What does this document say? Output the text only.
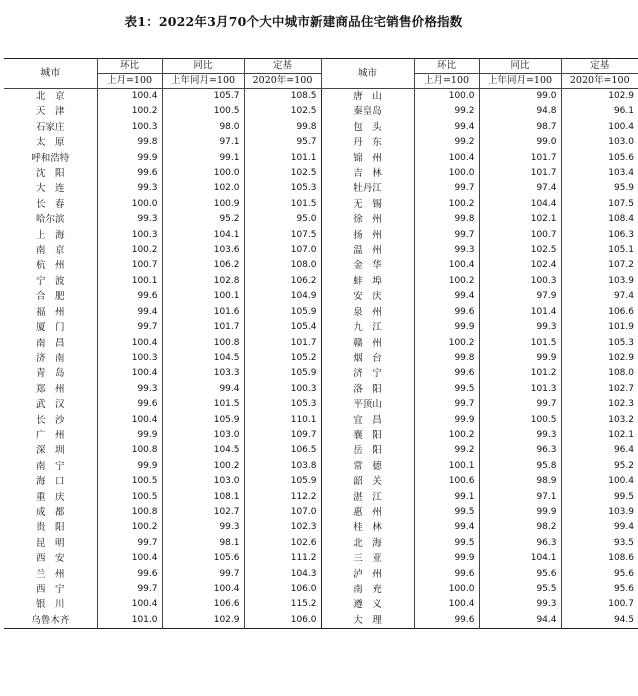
表1：2022年3月70个大中城市新建商品住宅销售价格指数
城市	环比	同比	定基	城市	环比	同比	定基
	上月=100	上年同月=100	2020年=100		上月=100	上年同月=100	2020年=100
北　京	100.4	105.7	108.5	唐　山	100.0	99.0	102.9
天　津	100.2	100.5	102.5	秦皇岛	99.2	94.8	96.1
石家庄	100.3	98.0	99.8	包　头	99.4	98.7	100.4
太　原	99.8	97.1	95.7	丹　东	99.2	99.0	103.0
呼和浩特	99.9	99.1	101.1	锦　州	100.4	101.7	105.6
沈　阳	99.6	100.0	102.5	吉　林	100.0	101.7	103.4
大　连	99.3	102.0	105.3	牡丹江	99.7	97.4	95.9
长　春	100.0	100.9	101.5	无　锡	100.2	104.4	107.5
哈尔滨	99.3	95.2	95.0	徐　州	99.8	102.1	108.4
上　海	100.3	104.1	107.5	扬　州	99.7	100.7	106.3
南　京	100.2	103.6	107.0	温　州	99.3	102.5	105.1
杭　州	100.7	106.2	108.0	金　华	100.4	102.4	107.2
宁　波	100.1	102.8	106.2	蚌　埠	100.2	100.3	103.9
合　肥	99.6	100.1	104.9	安　庆	99.4	97.9	97.4
福　州	99.4	101.6	105.9	泉　州	99.6	101.4	106.6
厦　门	99.7	101.7	105.4	九　江	99.9	99.3	101.9
南　昌	100.4	100.8	101.7	赣　州	100.2	101.5	105.3
济　南	100.3	104.5	105.2	烟　台	99.8	99.9	102.9
青　岛	100.4	103.3	105.9	济　宁	99.6	101.2	108.0
郑　州	99.3	99.4	100.3	洛　阳	99.5	101.3	102.7
武　汉	99.6	101.5	105.3	平顶山	99.7	99.7	102.3
长　沙	100.4	105.9	110.1	宜　昌	99.9	100.5	103.2
广　州	99.9	103.0	109.7	襄　阳	100.2	99.3	102.1
深　圳	100.8	104.5	106.5	岳　阳	99.2	96.3	96.4
南　宁	99.9	100.2	103.8	常　德	100.1	95.8	95.2
海　口	100.5	103.0	105.9	韶　关	100.6	98.9	100.4
重　庆	100.5	108.1	112.2	湛　江	99.1	97.1	99.5
成　都	100.8	102.7	107.0	惠　州	99.5	99.9	103.9
贵　阳	100.2	99.3	102.3	桂　林	99.4	98.2	99.4
昆　明	99.7	98.1	102.6	北　海	99.5	96.3	93.5
西　安	100.4	105.6	111.2	三　亚	99.9	104.1	108.6
兰　州	99.6	99.7	104.3	泸　州	99.6	95.6	95.6
西　宁	99.7	100.4	106.0	南　充	100.0	95.5	95.6
银　川	100.4	106.6	115.2	遵　义	100.4	99.3	100.7
乌鲁木齐	101.0	102.9	106.0	大　理	99.6	94.4	94.5
